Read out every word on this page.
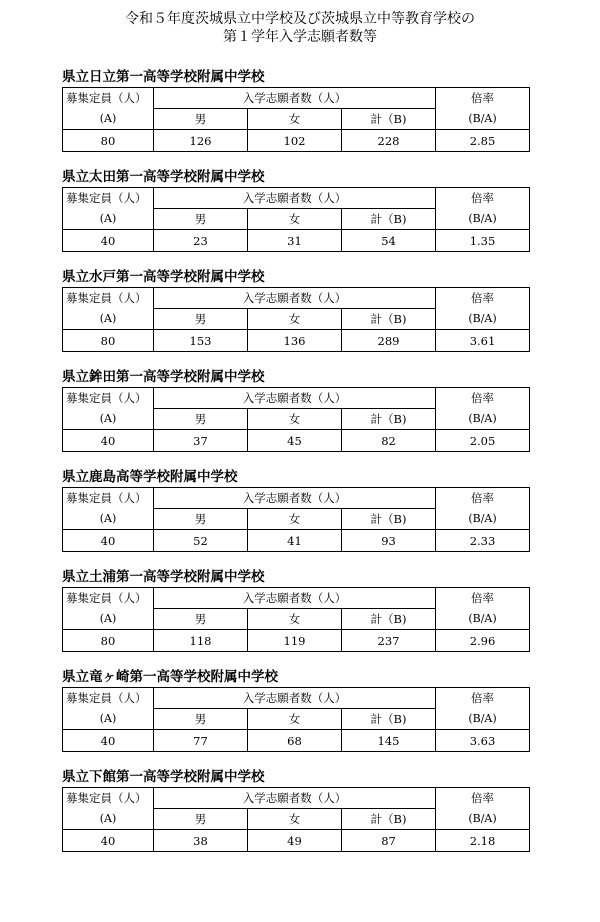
令和５年度茨城県立中学校及び茨城県立中等教育学校の
第１学年入学志願者数等
県立日立第一高等学校附属中学校
募集定員（人）	入学志願者数（人）			倍率
(A)	男	女	計（B)	(B/A)
80	126	102	228	2.85
県立太田第一高等学校附属中学校
募集定員（人）	入学志願者数（人）			倍率
(A)	男	女	計（B)	(B/A)
40	23	31	54	1.35
県立水戸第一高等学校附属中学校
募集定員（人）	入学志願者数（人）			倍率
(A)	男	女	計（B)	(B/A)
80	153	136	289	3.61
県立鉾田第一高等学校附属中学校
募集定員（人）	入学志願者数（人）			倍率
(A)	男	女	計（B)	(B/A)
40	37	45	82	2.05
県立鹿島高等学校附属中学校
募集定員（人）	入学志願者数（人）			倍率
(A)	男	女	計（B)	(B/A)
40	52	41	93	2.33
県立土浦第一高等学校附属中学校
募集定員（人）	入学志願者数（人）			倍率
(A)	男	女	計（B)	(B/A)
80	118	119	237	2.96
県立竜ヶ崎第一高等学校附属中学校
募集定員（人）	入学志願者数（人）			倍率
(A)	男	女	計（B)	(B/A)
40	77	68	145	3.63
県立下館第一高等学校附属中学校
募集定員（人）	入学志願者数（人）			倍率
(A)	男	女	計（B)	(B/A)
40	38	49	87	2.18
